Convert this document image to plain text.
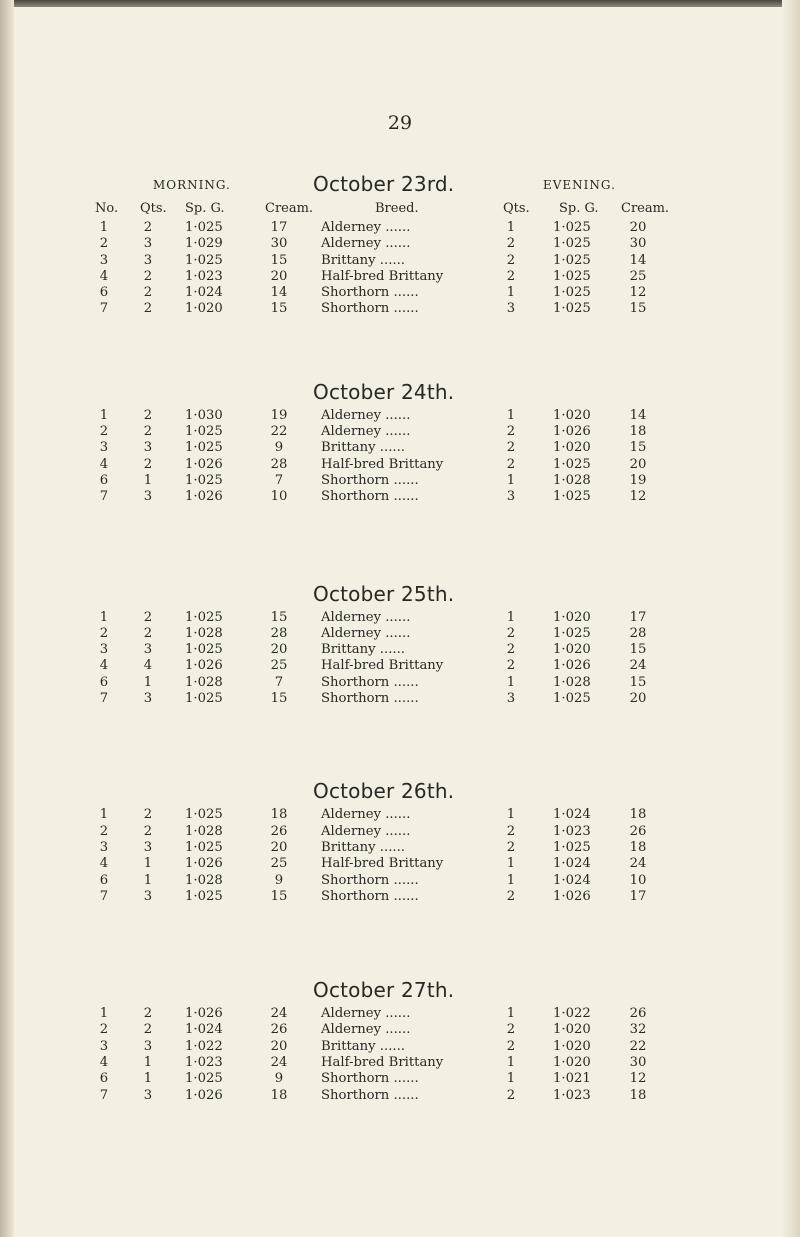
29
MORNING.	October 23rd.	EVENING.
No. Qts. Sp. G.	Cream.	Breed.	Qts. Sp. G. Cream.
1	2 1·025	17	Alderney ......	1	1·025	20
2	3 1·029	30	Alderney ......	2	1·025	30
3	3 1·025	15	Brittany ......	2	1·025	14
4	2 1·023	20	Half-bred Brittany	2	1·025	25
6	2 1·024	14	Shorthorn ......	1	1·025	12
7	2 1·020	15	Shorthorn ......	3	1·025	15
October 24th.
1	2 1·030	19	Alderney ......	1	1·020	14
2	2 1·025	22	Alderney ......	2	1·026	18
3	3 1·025	9	Brittany ......	2	1·020	15
4	2 1·026	28	Half-bred Brittany	2	1·025	20
6	1 1·025	7	Shorthorn ......	1	1·028	19
7	3 1·026	10	Shorthorn ......	3	1·025	12
October 25th.
1	2 1·025	15	Alderney ......	1	1·020	17
2	2 1·028	28	Alderney ......	2	1·025	28
3	3 1·025	20	Brittany ......	2	1·020	15
4	4 1·026	25	Half-bred Brittany	2	1·026	24
6	1 1·028	7	Shorthorn ......	1	1·028	15
7	3 1·025	15	Shorthorn ......	3	1·025	20
October 26th.
1	2 1·025	18	Alderney ......	1	1·024	18
2	2 1·028	26	Alderney ......	2	1·023	26
3	3 1·025	20	Brittany ......	2	1·025	18
4	1 1·026	25	Half-bred Brittany	1	1·024	24
6	1 1·028	9	Shorthorn ......	1	1·024	10
7	3 1·025	15	Shorthorn ......	2	1·026	17
October 27th.
1	2 1·026	24	Alderney ......	1	1·022	26
2	2 1·024	26	Alderney ......	2	1·020	32
3	3 1·022	20	Brittany ......	2	1·020	22
4	1 1·023	24	Half-bred Brittany	1	1·020	30
6	1 1·025	9	Shorthorn ......	1	1·021	12
7	3 1·026	18	Shorthorn ......	2	1·023	18
